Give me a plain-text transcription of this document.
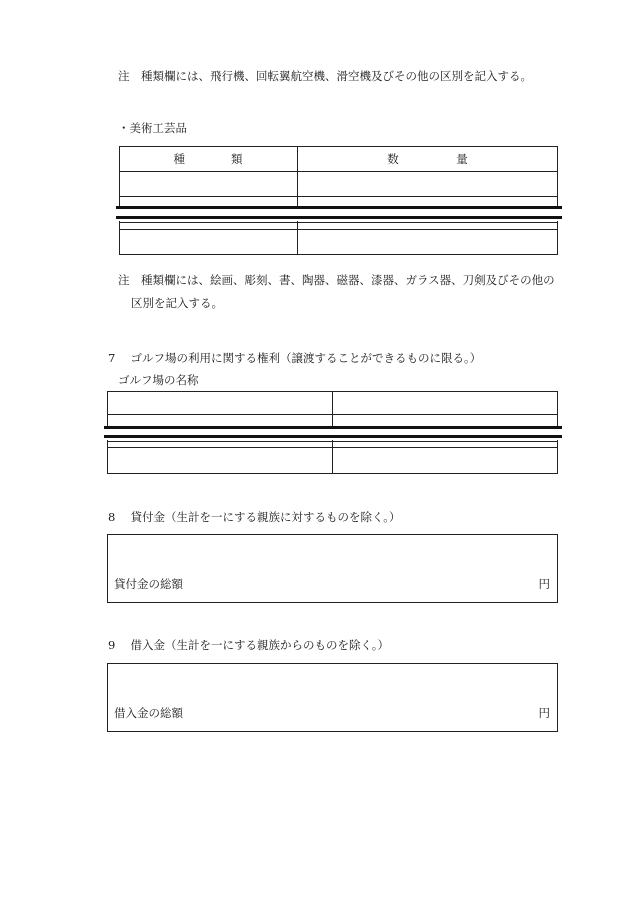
注　種類欄には、飛行機、回転翼航空機、滑空機及びその他の区別を記入する。
・美術工芸品
種　　　　類	数　　　　　量
注　種類欄には、絵画、彫刻、書、陶器、磁器、漆器、ガラス器、刀剣及びその他の
区別を記入する。
7　 ゴルフ場の利用に関する権利（譲渡することができるものに限る。）
ゴルフ場の名称
8　 貸付金（生計を一にする親族に対するものを除く。）
貸付金の総額	円
9　 借入金（生計を一にする親族からのものを除く。）
借入金の総額	円
